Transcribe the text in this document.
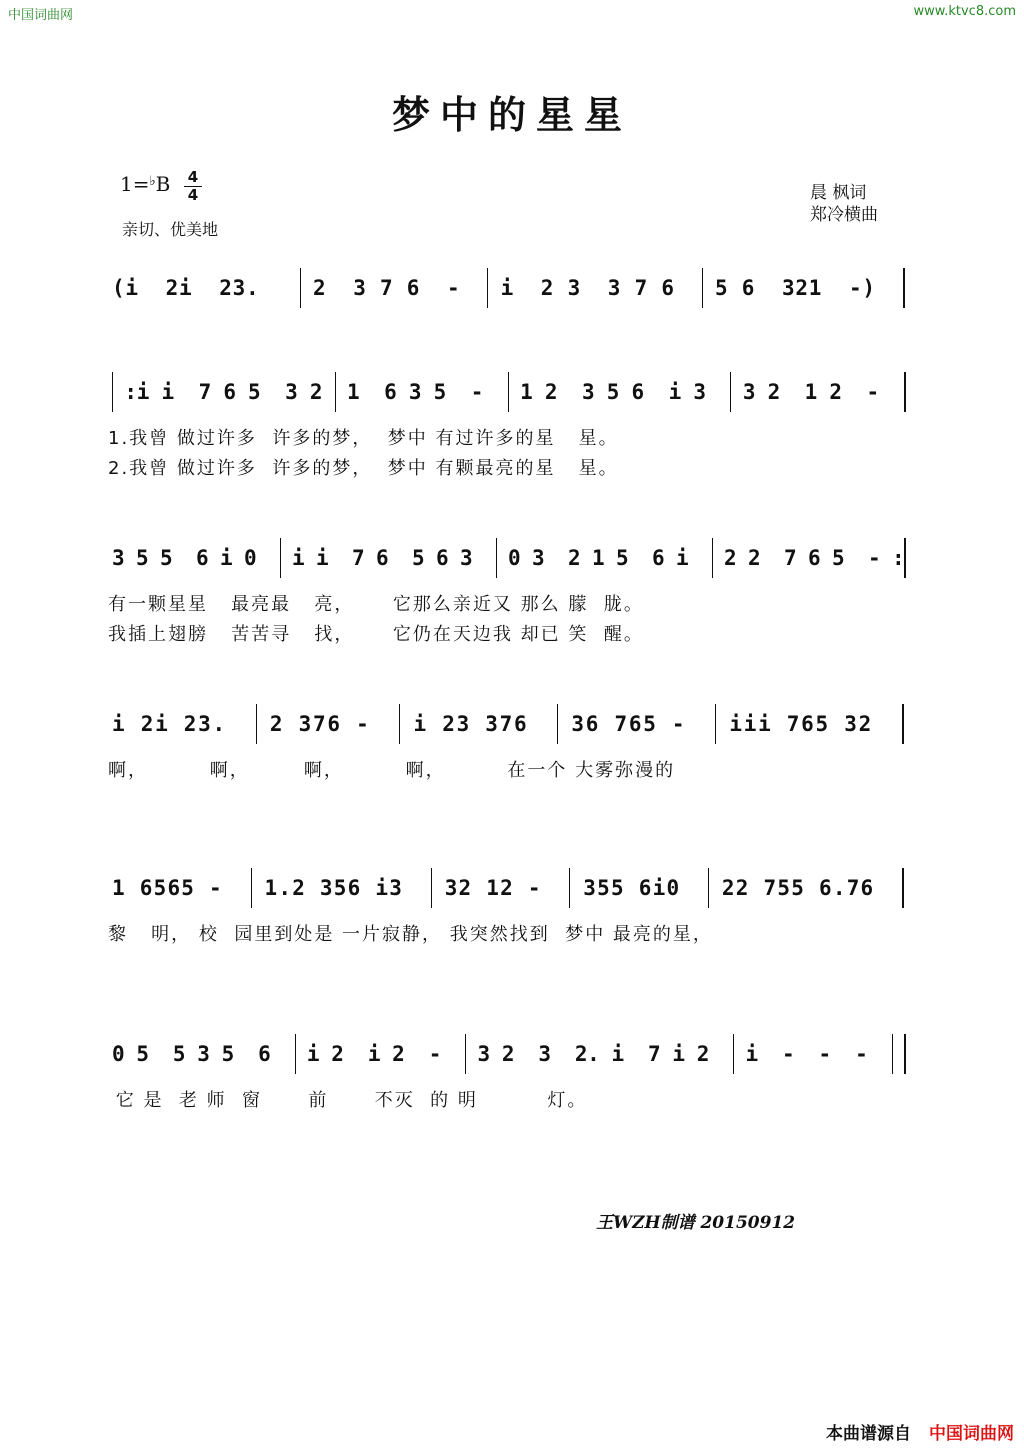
中国词曲网	www.ktvc8.com
梦中的星星
1=♭B 4
4
亲切、优美地
晨 枫词
郑冷横曲
( i 2 i 2 3 .	2 3 7 6 - i 2 3 3 7 6 5 6 3 2 1 - )
: i i 7 6 5 3 2 1 6 3 5 - 1 2 3 5 6 i 3 3 2 1 2 -
1.我曾 做过许多  许多的梦，  梦中 有过许多的星   星。
2.我曾 做过许多  许多的梦，  梦中 有颗最亮的星   星。
3 5 5 6 i 0 i i 7 6 5 6 3 0 3 2 1 5 6 i 2 2 7 6 5 - :
有一颗星星   最亮最   亮，     它那么亲近又 那么 朦  胧。
我插上翅膀   苦苦寻   找，     它仍在天边我 却已 笑  醒。
i 2 i 2 3 . 2 3 7 6 - i 2 3 3 7 6 3 6 7 6 5 - i i i 7 6 5 3 2
啊，        啊，       啊，        啊，        在一个 大雾弥漫的
1 6 5 6 5 - 1 . 2 3 5 6 i 3 3 2 1 2 - 3 5 5 6 i 0 2 2 7 5 5 6 . 7 6
黎   明， 校  园里到处是 一片寂静， 我突然找到  梦中 最亮的星，
0 5 5 3 5 6 i 2 i 2 - 3 2 3 2 . i 7 i 2 i - - -
它 是  老 师  窗      前      不灭  的 明         灯。
王WZH制谱 20150912
本曲谱源自 中国词曲网
